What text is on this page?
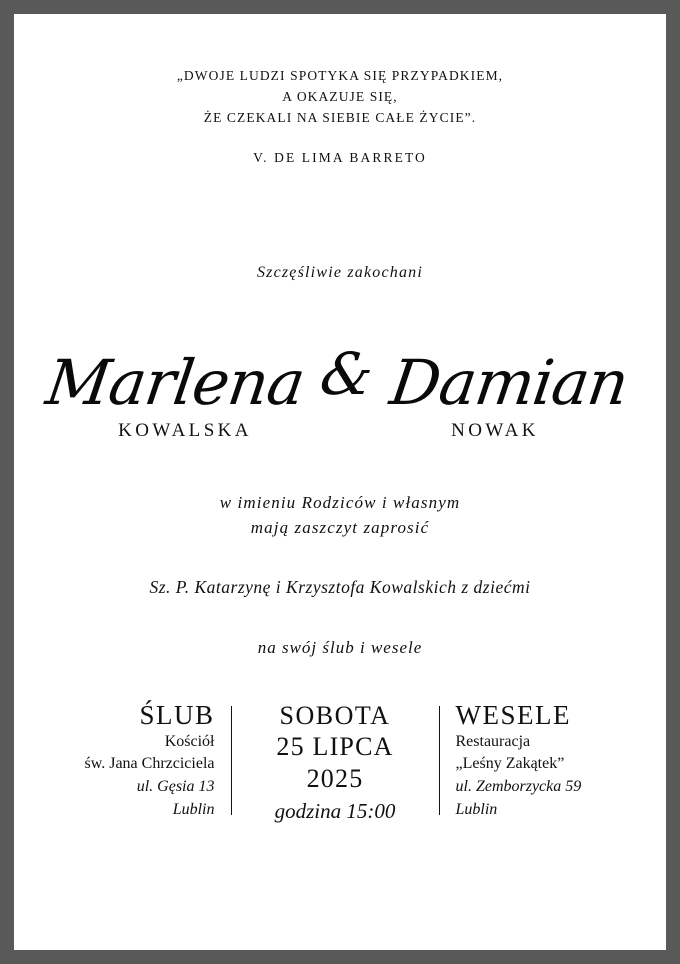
„DWOJE LUDZI SPOTYKA SIĘ PRZYPADKIEM,
A OKAZUJE SIĘ,
ŻE CZEKALI NA SIEBIE CAŁE ŻYCIE”.
V. DE LIMA BARRETO
Szczęśliwie zakochani
Marlena & Damian
KOWALSKA	NOWAK
w imieniu Rodziców i własnym
mają zaszczyt zaprosić
Sz. P. Katarzynę i Krzysztofa Kowalskich z dziećmi
na swój ślub i wesele
ŚLUB
Kościół
św. Jana Chrzciciela
ul. Gęsia 13
Lublin
SOBOTA
25 LIPCA
2025
godzina 15:00
WESELE
Restauracja
„Leśny Zakątek”
ul. Zemborzycka 59
Lublin
